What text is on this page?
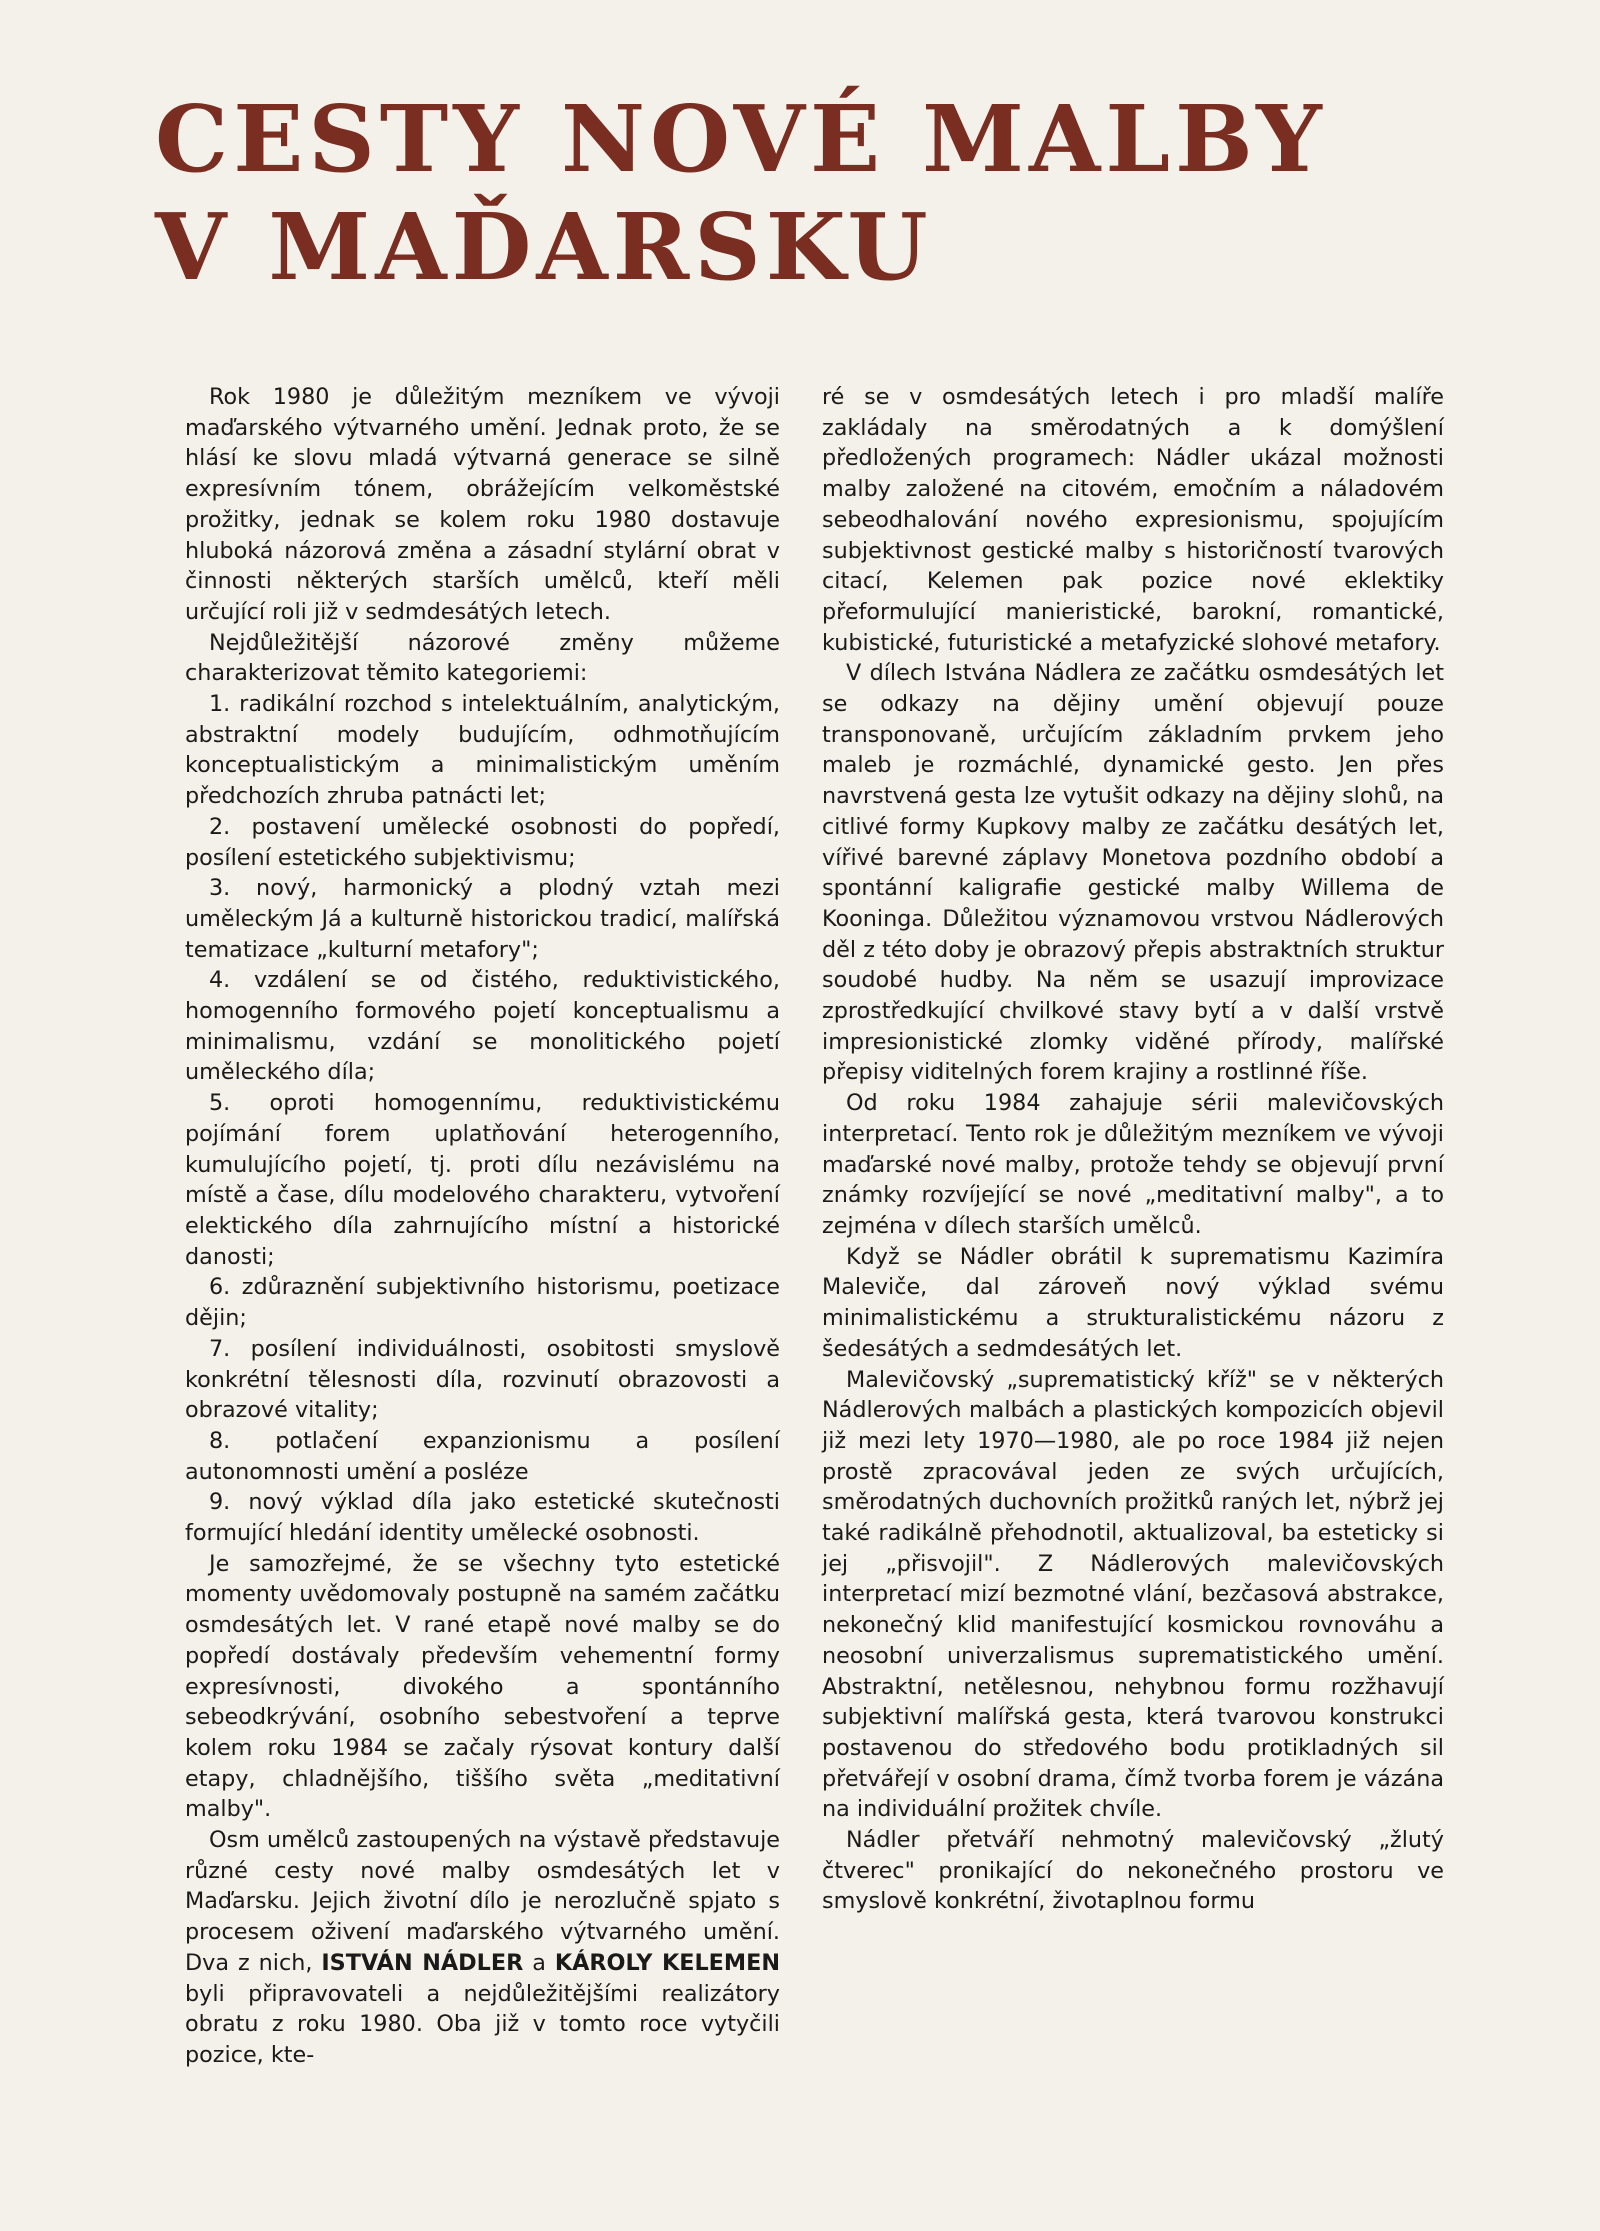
CESTY NOVÉ MALBY
V MAĎARSKU

Rok 1980 je důležitým mezníkem ve vývoji maďarského výtvarného umění. Jednak proto, že se hlásí ke slovu mladá výtvarná generace se silně expresívním tónem, obrážejícím velkoměstské prožitky, jednak se kolem roku 1980 dostavuje hluboká názorová změna a zásadní stylární obrat v činnosti některých starších umělců, kteří měli určující roli již v sedmdesátých letech.

Nejdůležitější názorové změny můžeme charakterizovat těmito kategoriemi:

1. radikální rozchod s intelektuálním, analytickým, abstraktní modely budujícím, odhmotňujícím konceptualistickým a minimalistickým uměním předchozích zhruba patnácti let;

2. postavení umělecké osobnosti do popředí, posílení estetického subjektivismu;

3. nový, harmonický a plodný vztah mezi uměleckým Já a kulturně historickou tradicí, malířská tematizace „kulturní metafory";

4. vzdálení se od čistého, reduktivistického, homogenního formového pojetí konceptualismu a minimalismu, vzdání se monolitického pojetí uměleckého díla;

5. oproti homogennímu, reduktivistickému pojímání forem uplatňování heterogenního, kumulujícího pojetí, tj. proti dílu nezávislému na místě a čase, dílu modelového charakteru, vytvoření elektického díla zahrnujícího místní a historické danosti;

6. zdůraznění subjektivního historismu, poetizace dějin;

7. posílení individuálnosti, osobitosti smyslově konkrétní tělesnosti díla, rozvinutí obrazovosti a obrazové vitality;

8. potlačení expanzionismu a posílení autonomnosti umění a posléze

9. nový výklad díla jako estetické skutečnosti formující hledání identity umělecké osobnosti.

Je samozřejmé, že se všechny tyto estetické momenty uvědomovaly postupně na samém začátku osmdesátých let. V rané etapě nové malby se do popředí dostávaly především vehementní formy expresívnosti, divokého a spontánního sebeodkrývání, osobního sebestvoření a teprve kolem roku 1984 se začaly rýsovat kontury další etapy, chladnějšího, tiššího světa „meditativní malby".

Osm umělců zastoupených na výstavě představuje různé cesty nové malby osmdesátých let v Maďarsku. Jejich životní dílo je nerozlučně spjato s procesem oživení maďarského výtvarného umění. Dva z nich, ISTVÁN NÁDLER a KÁROLY KELEMEN byli připravovateli a nejdůležitějšími realizátory obratu z roku 1980. Oba již v tomto roce vytyčili pozice, kte-

ré se v osmdesátých letech i pro mladší malíře zakládaly na směrodatných a k domýšlení předložených programech: Nádler ukázal možnosti malby založené na citovém, emočním a náladovém sebeodhalování nového expresionismu, spojujícím subjektivnost gestické malby s historičností tvarových citací, Kelemen pak pozice nové eklektiky přeformulující manieristické, barokní, romantické, kubistické, futuristické a metafyzické slohové metafory.

V dílech Istvána Nádlera ze začátku osmdesátých let se odkazy na dějiny umění objevují pouze transponovaně, určujícím základním prvkem jeho maleb je rozmáchlé, dynamické gesto. Jen přes navrstvená gesta lze vytušit odkazy na dějiny slohů, na citlivé formy Kupkovy malby ze začátku desátých let, vířivé barevné záplavy Monetova pozdního období a spontánní kaligrafie gestické malby Willema de Kooninga. Důležitou významovou vrstvou Nádlerových děl z této doby je obrazový přepis abstraktních struktur soudobé hudby. Na něm se usazují improvizace zprostředkující chvilkové stavy bytí a v další vrstvě impresionistické zlomky viděné přírody, malířské přepisy viditelných forem krajiny a rostlinné říše.

Od roku 1984 zahajuje sérii malevičovských interpretací. Tento rok je důležitým mezníkem ve vývoji maďarské nové malby, protože tehdy se objevují první známky rozvíjející se nové „meditativní malby", a to zejména v dílech starších umělců.

Když se Nádler obrátil k suprematismu Kazimíra Maleviče, dal zároveň nový výklad svému minimalistickému a strukturalistickému názoru z šedesátých a sedmdesátých let.

Malevičovský „suprematistický kříž" se v některých Nádlerových malbách a plastických kompozicích objevil již mezi lety 1970—1980, ale po roce 1984 již nejen prostě zpracovával jeden ze svých určujících, směrodatných duchovních prožitků raných let, nýbrž jej také radikálně přehodnotil, aktualizoval, ba esteticky si jej „přisvojil". Z Nádlerových malevičovských interpretací mizí bezmotné vlání, bezčasová abstrakce, nekonečný klid manifestující kosmickou rovnováhu a neosobní univerzalismus suprematistického umění. Abstraktní, netělesnou, nehybnou formu rozžhavují subjektivní malířská gesta, která tvarovou konstrukci postavenou do středového bodu protikladných sil přetvářejí v osobní drama, čímž tvorba forem je vázána na individuální prožitek chvíle.

Nádler přetváří nehmotný malevičovský „žlutý čtverec" pronikající do nekonečného prostoru ve smyslově konkrétní, životaplnou formu
